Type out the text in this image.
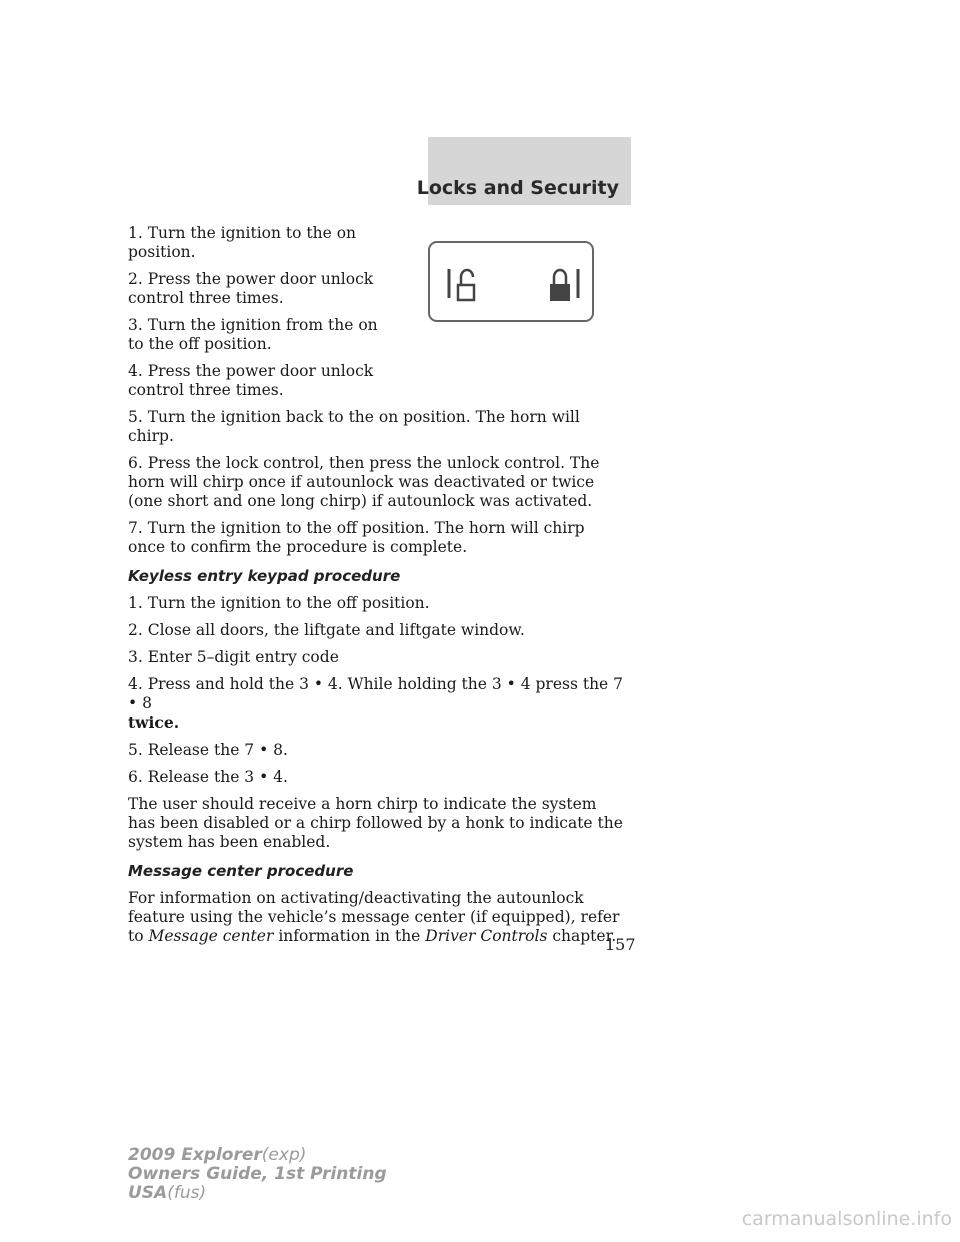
Locks and Security

1. Turn the ignition to the on position.

2. Press the power door unlock control three times.

3. Turn the ignition from the on to the off position.

4. Press the power door unlock control three times.

5. Turn the ignition back to the on position. The horn will chirp.

6. Press the lock control, then press the unlock control. The horn will chirp once if autounlock was deactivated or twice (one short and one long chirp) if autounlock was activated.

7. Turn the ignition to the off position. The horn will chirp once to confirm the procedure is complete.

Keyless entry keypad procedure

1. Turn the ignition to the off position.

2. Close all doors, the liftgate and liftgate window.

3. Enter 5–digit entry code

4. Press and hold the 3 • 4. While holding the 3 • 4 press the 7 • 8
twice.

5. Release the 7 • 8.

6. Release the 3 • 4.

The user should receive a horn chirp to indicate the system has been disabled or a chirp followed by a honk to indicate the system has been enabled.

Message center procedure

For information on activating/deactivating the autounlock feature using the vehicle’s message center (if equipped), refer to Message center information in the Driver Controls chapter.

157
2009 Explorer(exp)
Owners Guide, 1st Printing
USA(fus)
carmanualsonline.info
